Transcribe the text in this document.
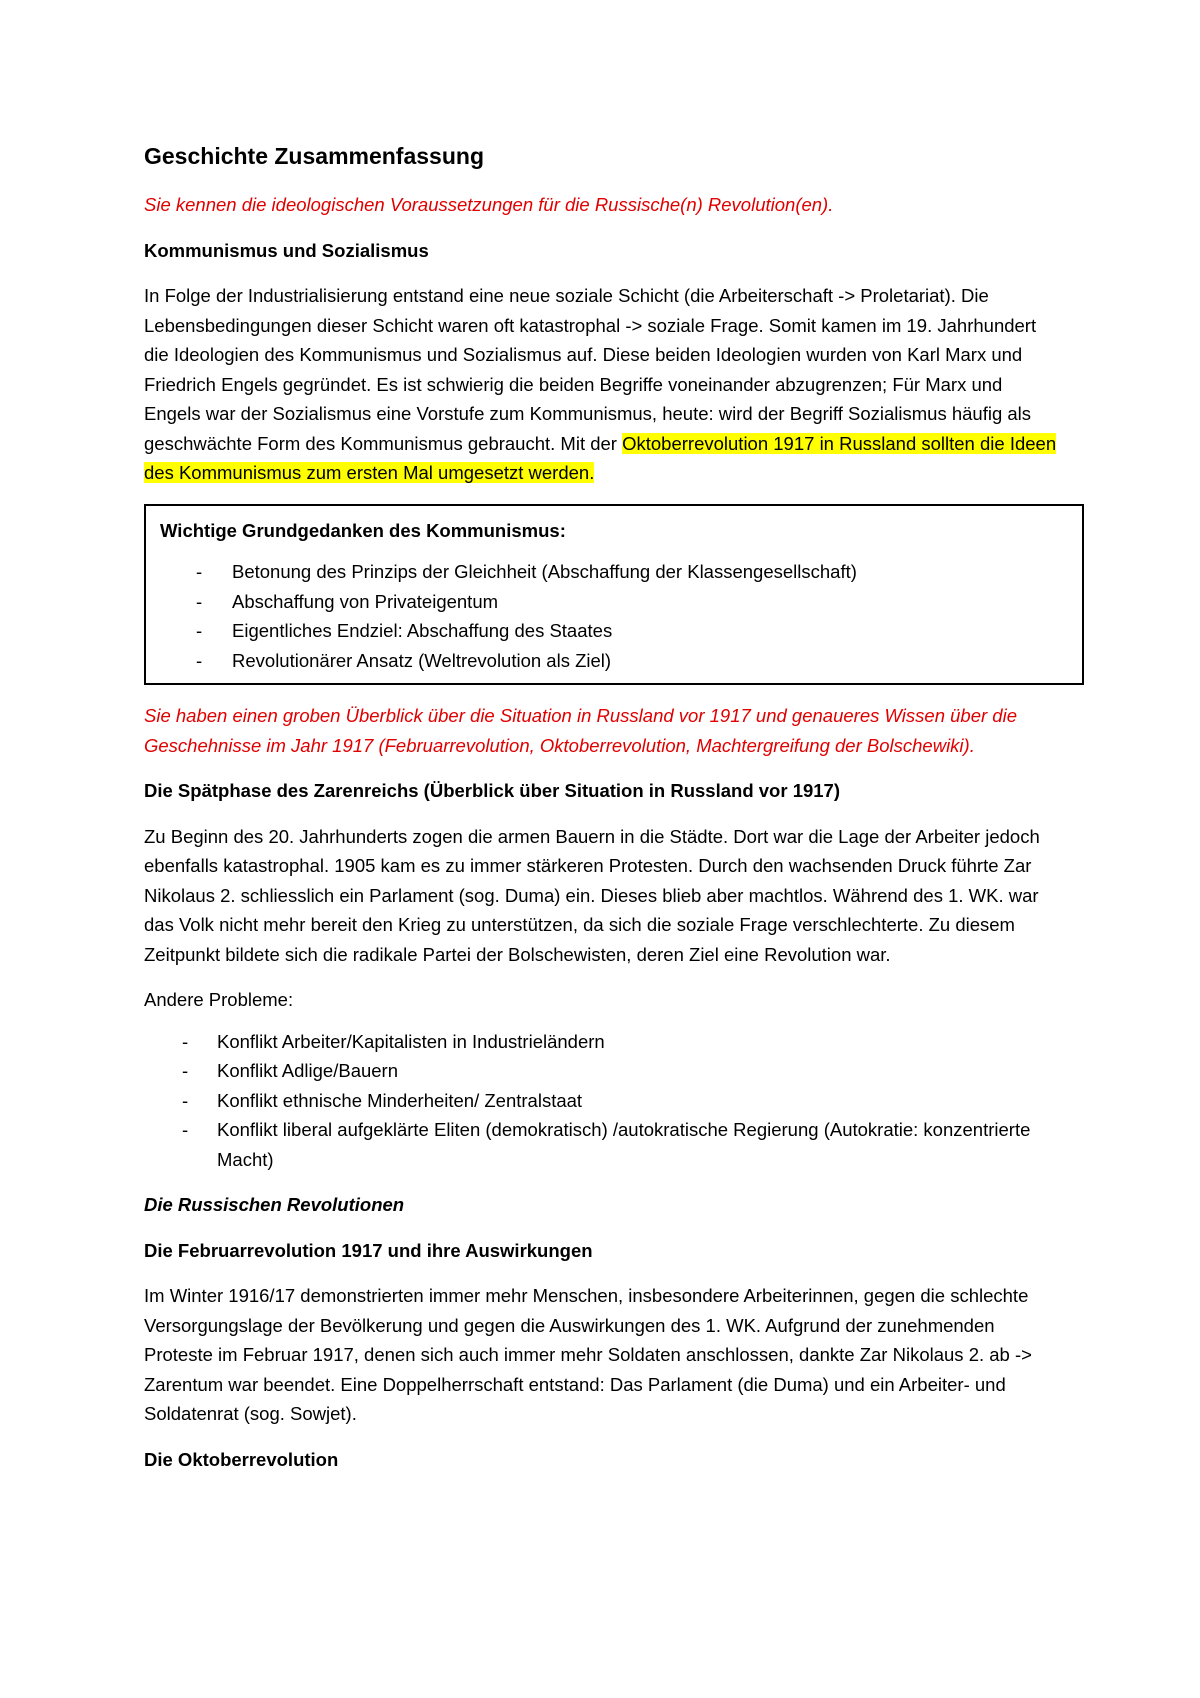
Geschichte Zusammenfassung

Sie kennen die ideologischen Voraussetzungen für die Russische(n) Revolution(en).

Kommunismus und Sozialismus

In Folge der Industrialisierung entstand eine neue soziale Schicht (die Arbeiterschaft -> Proletariat). Die Lebensbedingungen dieser Schicht waren oft katastrophal -> soziale Frage. Somit kamen im 19. Jahrhundert die Ideologien des Kommunismus und Sozialismus auf. Diese beiden Ideologien wurden von Karl Marx und Friedrich Engels gegründet. Es ist schwierig die beiden Begriffe voneinander abzugrenzen; Für Marx und Engels war der Sozialismus eine Vorstufe zum Kommunismus, heute: wird der Begriff Sozialismus häufig als geschwächte Form des Kommunismus gebraucht. Mit der Oktoberrevolution 1917 in Russland sollten die Ideen des Kommunismus zum ersten Mal umgesetzt werden.

Wichtige Grundgedanken des Kommunismus:

- Betonung des Prinzips der Gleichheit (Abschaffung der Klassengesellschaft)
- Abschaffung von Privateigentum
- Eigentliches Endziel: Abschaffung des Staates
- Revolutionärer Ansatz (Weltrevolution als Ziel)

Sie haben einen groben Überblick über die Situation in Russland vor 1917 und genaueres Wissen über die Geschehnisse im Jahr 1917 (Februarrevolution, Oktoberrevolution, Machtergreifung der Bolschewiki).

Die Spätphase des Zarenreichs (Überblick über Situation in Russland vor 1917)

Zu Beginn des 20. Jahrhunderts zogen die armen Bauern in die Städte. Dort war die Lage der Arbeiter jedoch ebenfalls katastrophal. 1905 kam es zu immer stärkeren Protesten. Durch den wachsenden Druck führte Zar Nikolaus 2. schliesslich ein Parlament (sog. Duma) ein. Dieses blieb aber machtlos. Während des 1. WK. war das Volk nicht mehr bereit den Krieg zu unterstützen, da sich die soziale Frage verschlechterte. Zu diesem Zeitpunkt bildete sich die radikale Partei der Bolschewisten, deren Ziel eine Revolution war.

Andere Probleme:

- Konflikt Arbeiter/Kapitalisten in Industrieländern
- Konflikt Adlige/Bauern
- Konflikt ethnische Minderheiten/ Zentralstaat
- Konflikt liberal aufgeklärte Eliten (demokratisch) /autokratische Regierung (Autokratie: konzentrierte Macht)

Die Russischen Revolutionen

Die Februarrevolution 1917 und ihre Auswirkungen

Im Winter 1916/17 demonstrierten immer mehr Menschen, insbesondere Arbeiterinnen, gegen die schlechte Versorgungslage der Bevölkerung und gegen die Auswirkungen des 1. WK. Aufgrund der zunehmenden Proteste im Februar 1917, denen sich auch immer mehr Soldaten anschlossen, dankte Zar Nikolaus 2. ab -> Zarentum war beendet. Eine Doppelherrschaft entstand: Das Parlament (die Duma) und ein Arbeiter- und Soldatenrat (sog. Sowjet).

Die Oktoberrevolution
